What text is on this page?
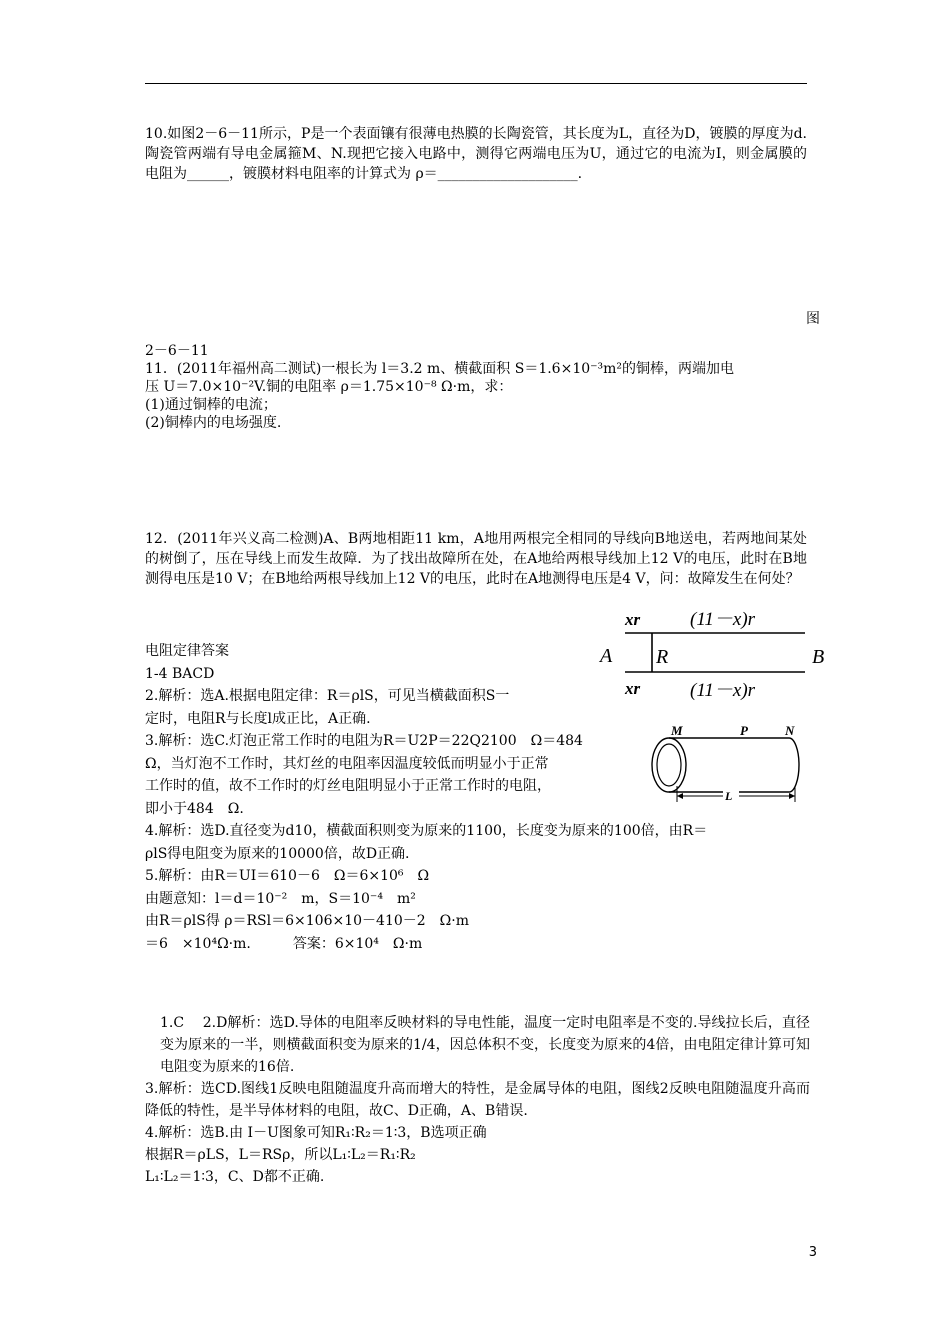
10.如图2－6－11所示，P是一个表面镶有很薄电热膜的长陶瓷管，其长度为L，直径为D，镀膜的厚度为d.陶瓷管两端有导电金属箍M、N.现把它接入电路中，测得它两端电压为U，通过它的电流为I，则金属膜的电阻为______，镀膜材料电阻率的计算式为 ρ＝____________________.
图
2－6－11
11．(2011年福州高二测试)一根长为 l＝3.2 m、横截面积 S＝1.6×10⁻³m²的铜棒，两端加电
压 U＝7.0×10⁻²V.铜的电阻率 ρ＝1.75×10⁻⁸ Ω·m，求：
(1)通过铜棒的电流；
(2)铜棒内的电场强度.
12．(2011年兴义高二检测)A、B两地相距11 km，A地用两根完全相同的导线向B地送电，若两地间某处的树倒了，压在导线上而发生故障．为了找出故障所在处，在A地给两根导线加上12 V的电压，此时在B地测得电压是10 V；在B地给两根导线加上12 V的电压，此时在A地测得电压是4 V，问：故障发生在何处？
xr	(11－x)r
xr	(11－x)r
A R	B
M	P	N
L
电阻定律答案
1-4 BACD
2.解析：选A.根据电阻定律：R＝ρlS，可见当横截面积S一
定时，电阻R与长度l成正比，A正确.
3.解析：选C.灯泡正常工作时的电阻为R＝U2P＝22Q2100　Ω＝484
Ω，当灯泡不工作时，其灯丝的电阻率因温度较低而明显小于正常
工作时的值，故不工作时的灯丝电阻明显小于正常工作时的电阻，
即小于484　Ω.
4.解析：选D.直径变为d10，横截面积则变为原来的1100，长度变为原来的100倍，由R＝
ρlS得电阻变为原来的10000倍，故D正确.
5.解析：由R＝UI＝610－6　Ω＝6×10⁶　Ω
由题意知：l＝d＝10⁻²　m，S＝10⁻⁴　m²
由R＝ρlS得 ρ＝RSl＝6×106×10－410－2　Ω·m
＝6　×10⁴Ω·m.　　　答案：6×10⁴　Ω·m
1.C　 2.D解析：选D.导体的电阻率反映材料的导电性能，温度一定时电阻率是不变的.导线拉长后，直径变为原来的一半，则横截面积变为原来的1/4，因总体积不变，长度变为原来的4倍，由电阻定律计算可知电阻变为原来的16倍.
3.解析：选CD.图线1反映电阻随温度升高而增大的特性，是金属导体的电阻，图线2反映电阻随温度升高而降低的特性，是半导体材料的电阻，故C、D正确，A、B错误.
4.解析：选B.由 I－U图象可知R₁∶R₂＝1∶3，B选项正确
根据R＝ρLS，L＝RSρ，所以L₁∶L₂＝R₁∶R₂
L₁∶L₂＝1∶3，C、D都不正确.
3
